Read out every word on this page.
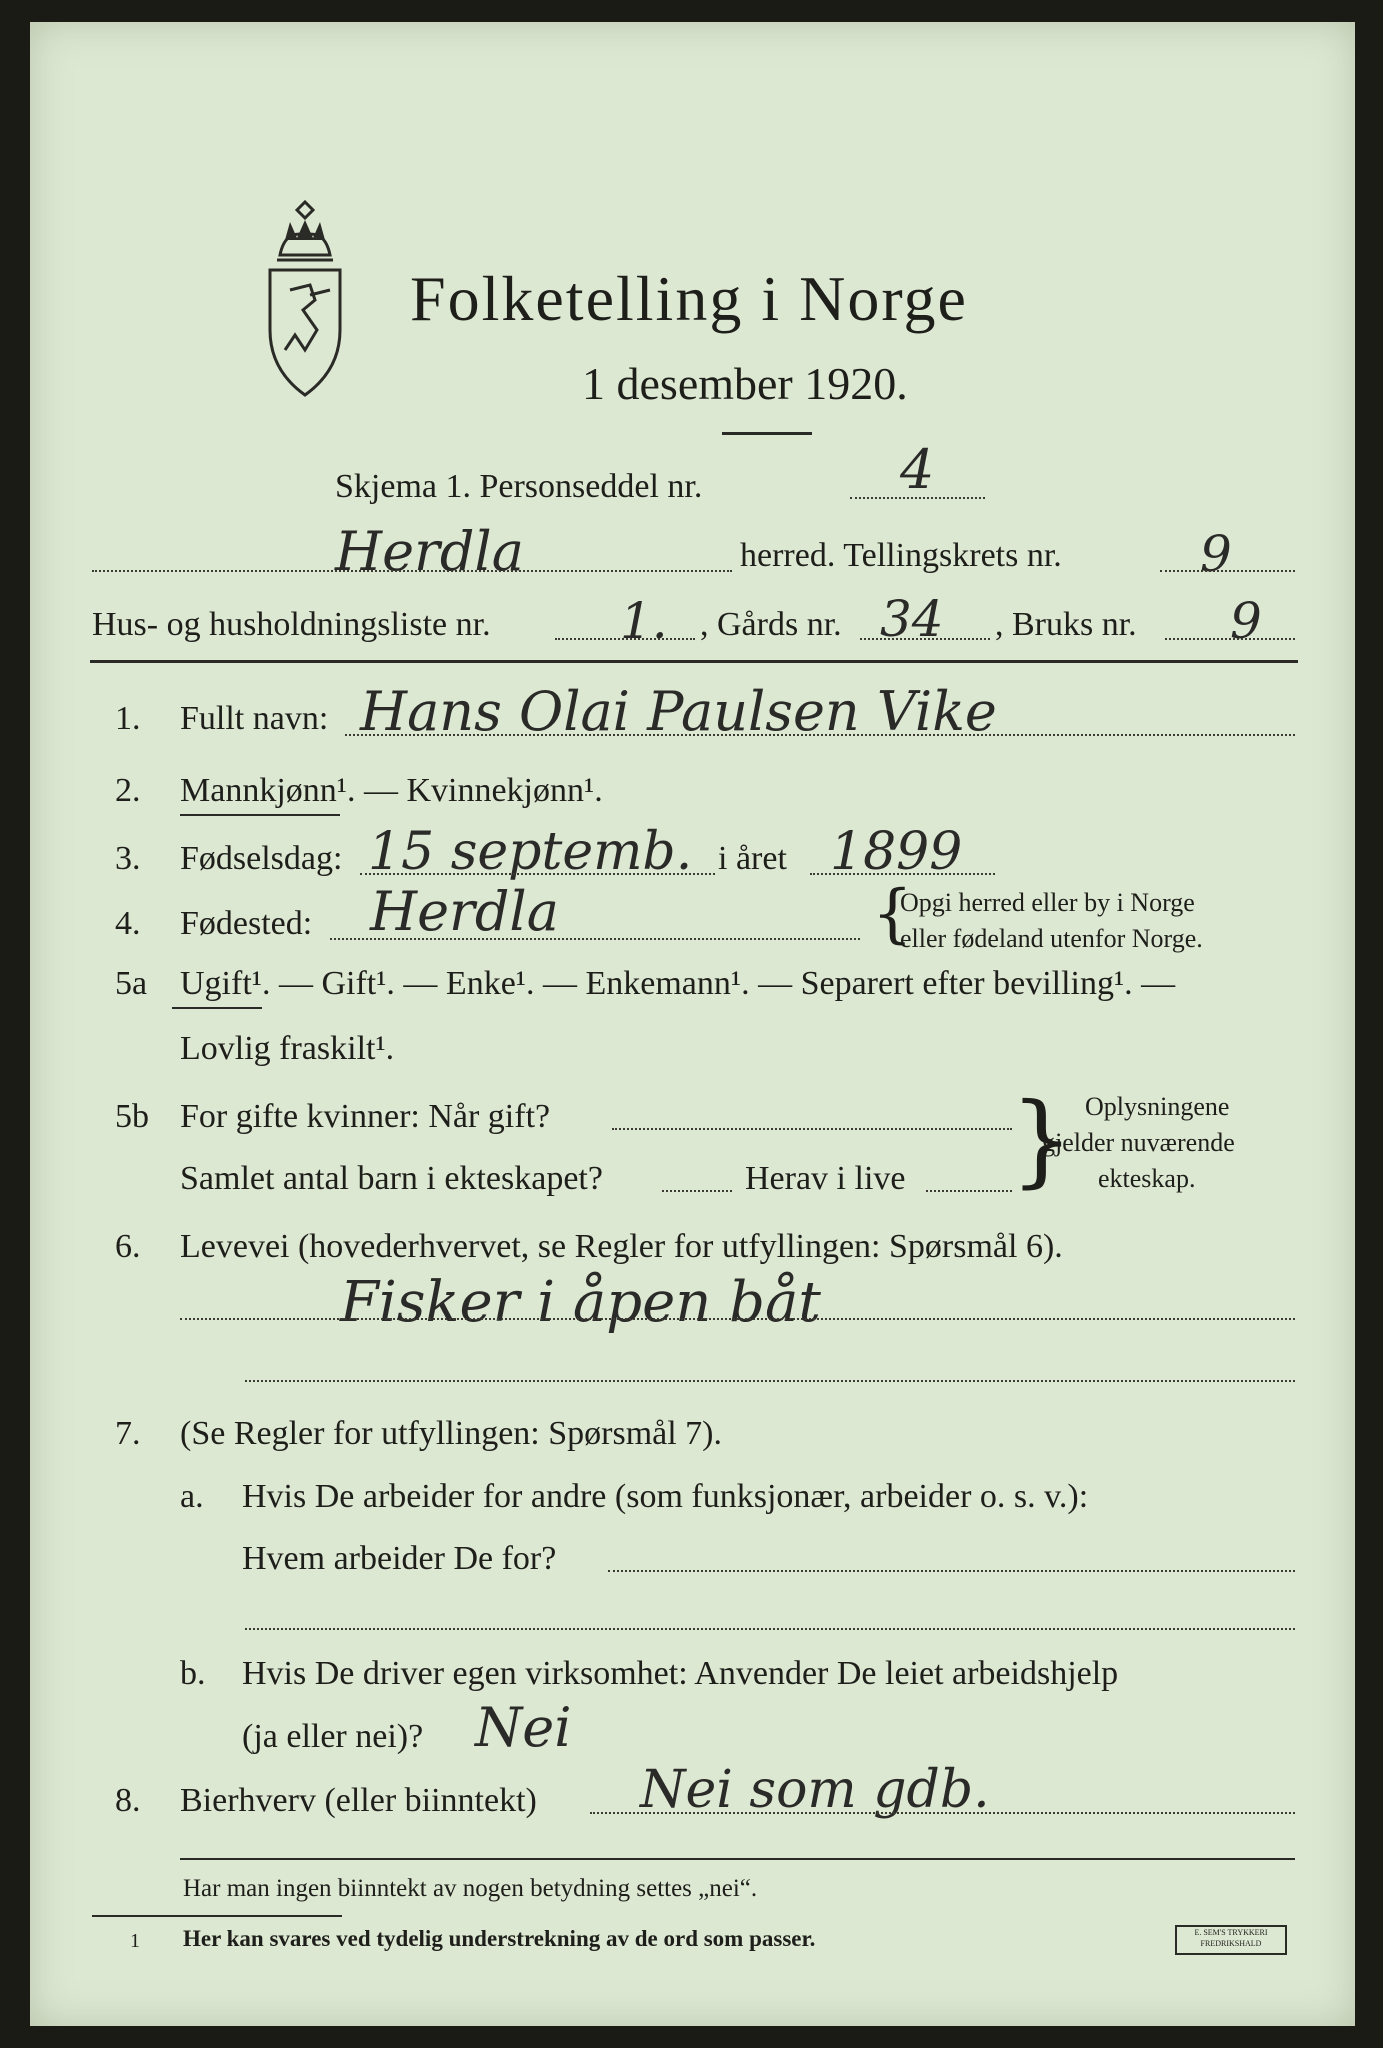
Folketelling i Norge
1 desember 1920.
Skjema 1. Personseddel nr.	4
Herdla	herred. Tellingskrets nr.	9
Hus- og husholdningsliste nr.	1. , Gårds nr. 34 , Bruks nr. 9
1. Fullt navn: Hans Olai Paulsen Vike
2. Mannkjønn¹. — Kvinnekjønn¹.
3. Fødselsdag: 15 septemb. i året 1899
4. Fødested: Herdla	{
Opgi herred eller by i Norge
eller fødeland utenfor Norge.
5a Ugift¹. — Gift¹. — Enke¹. — Enkemann¹. — Separert efter bevilling¹. —
Lovlig fraskilt¹.
5b For gifte kvinner: Når gift?
Samlet antal barn i ekteskapet?	Herav i live } Oplysningene
gjelder nuværende
ekteskap.
6. Levevei (hovederhvervet, se Regler for utfyllingen: Spørsmål 6).
Fisker i åpen båt
7. (Se Regler for utfyllingen: Spørsmål 7).
a. Hvis De arbeider for andre (som funksjonær, arbeider o. s. v.):
Hvem arbeider De for?
b. Hvis De driver egen virksomhet: Anvender De leiet arbeidshjelp
(ja eller nei)? Nei
8. Bierhverv (eller biinntekt) Nei som gdb.
Har man ingen biinntekt av nogen betydning settes „nei“.
1 Her kan svares ved tydelig understrekning av de ord som passer.	E. SEM'S TRYKKERI FREDRIKSHALD
